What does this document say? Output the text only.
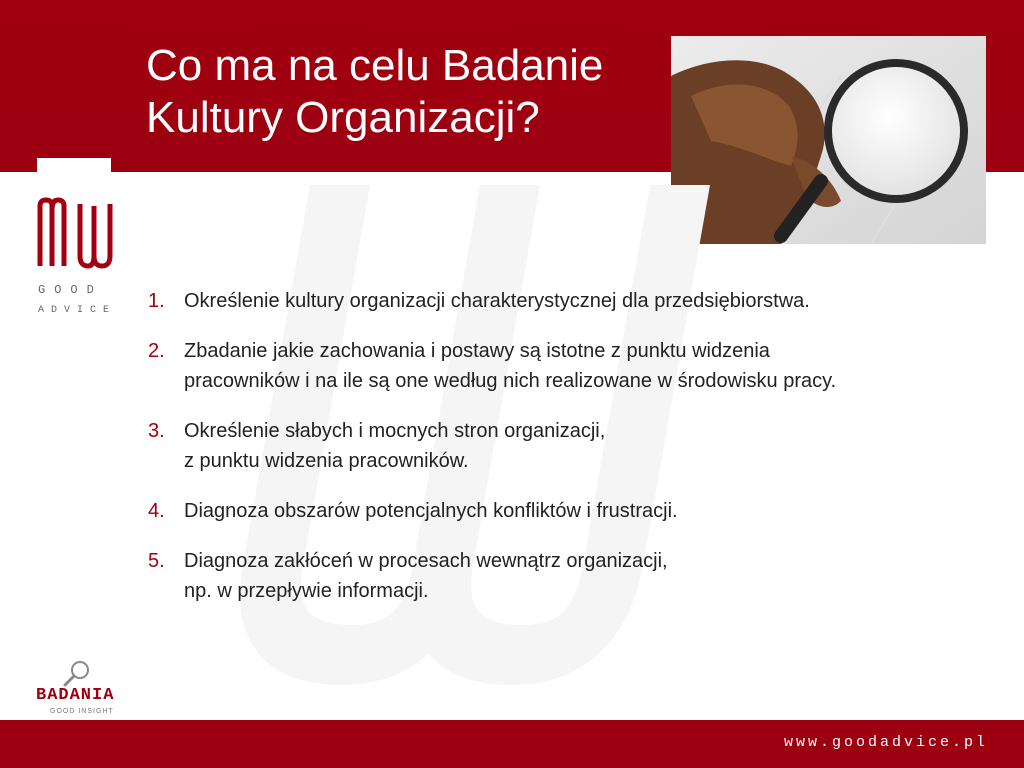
Co ma na celu Badanie
Kultury Organizacji?
GOOD
ADVICE 1. Określenie kultury organizacji charakterystycznej dla przedsiębiorstwa.
2. Zbadanie jakie zachowania i postawy są istotne z punktu widzenia
pracowników i na ile są one według nich realizowane w środowisku pracy.
3. Określenie słabych i mocnych stron organizacji,
z punktu widzenia pracowników.
4. Diagnoza obszarów potencjalnych konfliktów i frustracji.
5. Diagnoza zakłóceń w procesach wewnątrz organizacji,
np. w przepływie informacji.
BADANIA
GOOD INSIGHT
www.goodadvice.pl
